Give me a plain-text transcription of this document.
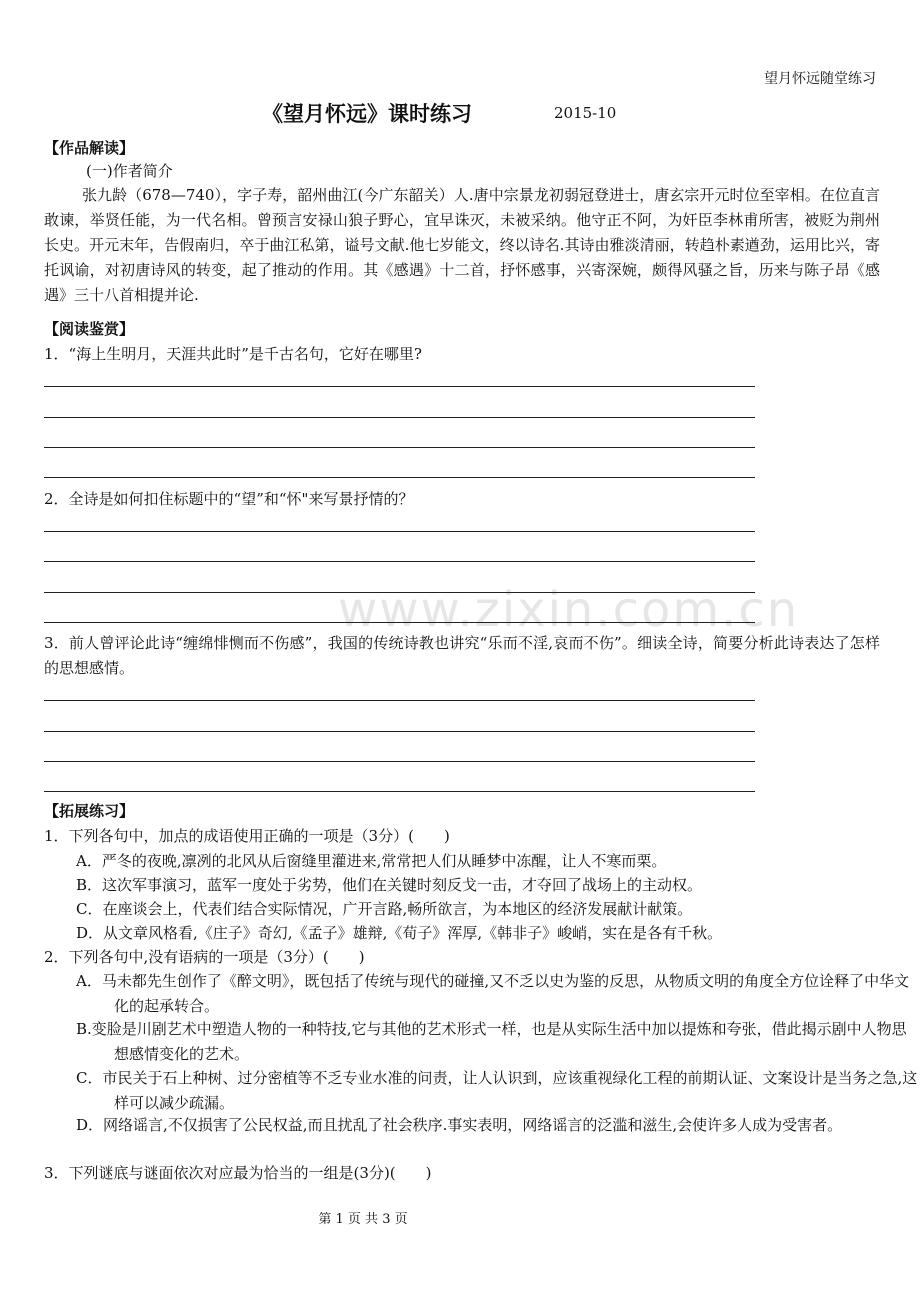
www.zixin.com.cn
望月怀远随堂练习
《望月怀远》课时练习	2015-10
【作品解读】
(一)作者简介
张九龄（678—740），字子寿，韶州曲江(今广东韶关）人.唐中宗景龙初弱冠登进士，唐玄宗开元时位至宰相。在位直言敢谏，举贤任能，为一代名相。曾预言安禄山狼子野心，宜早诛灭，未被采纳。他守正不阿，为奸臣李林甫所害，被贬为荆州长史。开元末年，告假南归，卒于曲江私第，谥号文献.他七岁能文，终以诗名.其诗由雅淡清丽，转趋朴素遒劲，运用比兴，寄托讽谕，对初唐诗风的转变，起了推动的作用。其《感遇》十二首，抒怀感事，兴寄深婉，颇得风骚之旨，历来与陈子昂《感遇》三十八首相提并论.
【阅读鉴赏】
1．“海上生明月，天涯共此时”是千古名句，它好在哪里?
2．全诗是如何扣住标题中的“望”和“怀"来写景抒情的？
3．前人曾评论此诗“缠绵悱恻而不伤感”，我国的传统诗教也讲究“乐而不淫,哀而不伤”。细读全诗，简要分析此诗表达了怎样的思想感情。
【拓展练习】
1．下列各句中，加点的成语使用正确的一项是（3分）(　　)
A．严冬的夜晚,凛冽的北风从后窗缝里灌进来,常常把人们从睡梦中冻醒，让人不寒而栗。
B．这次军事演习，蓝军一度处于劣势，他们在关键时刻反戈一击，才夺回了战场上的主动权。
C．在座谈会上，代表们结合实际情况，广开言路,畅所欲言，为本地区的经济发展献计献策。
D．从文章风格看,《庄子》奇幻,《孟子》雄辩,《荀子》浑厚,《韩非子》峻峭，实在是各有千秋。
2．下列各句中,没有语病的一项是（3分）(　　)
A．马未都先生创作了《醉文明》，既包括了传统与现代的碰撞,又不乏以史为鉴的反思，从物质文明的角度全方位诠释了中华文化的起承转合。
B.变脸是川剧艺术中塑造人物的一种特技,它与其他的艺术形式一样，也是从实际生活中加以提炼和夸张，借此揭示剧中人物思想感情变化的艺术。
C．市民关于石上种树、过分密植等不乏专业水准的问责，让人认识到，应该重视绿化工程的前期认证、文案设计是当务之急,这样可以减少疏漏。
D．网络谣言,不仅损害了公民权益,而且扰乱了社会秩序.事实表明，网络谣言的泛滥和滋生,会使许多人成为受害者。
3．下列谜底与谜面依次对应最为恰当的一组是(3分)(　　)
第 1 页 共 3 页
